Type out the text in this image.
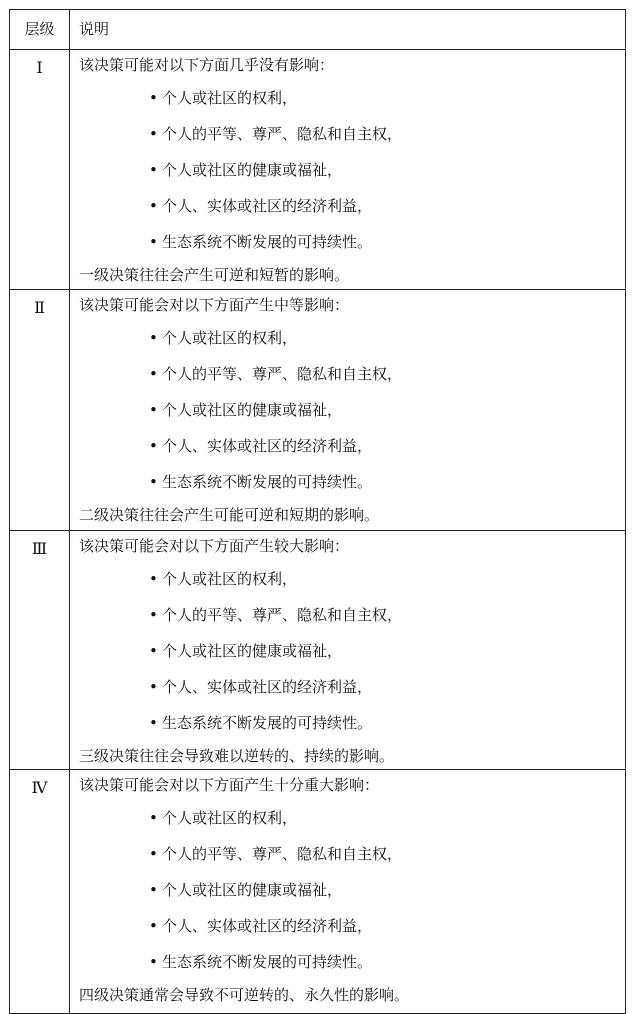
层级	说明
Ⅰ	该决策可能对以下方面几乎没有影响：
• 个人或社区的权利，
• 个人的平等、尊严、隐私和自主权，
• 个人或社区的健康或福祉，
• 个人、实体或社区的经济利益，
• 生态系统不断发展的可持续性。
一级决策往往会产生可逆和短暂的影响。
Ⅱ	该决策可能会对以下方面产生中等影响：
• 个人或社区的权利，
• 个人的平等、尊严、隐私和自主权，
• 个人或社区的健康或福祉，
• 个人、实体或社区的经济利益，
• 生态系统不断发展的可持续性。
二级决策往往会产生可能可逆和短期的影响。
Ⅲ	该决策可能会对以下方面产生较大影响：
• 个人或社区的权利，
• 个人的平等、尊严、隐私和自主权，
• 个人或社区的健康或福祉，
• 个人、实体或社区的经济利益，
• 生态系统不断发展的可持续性。
三级决策往往会导致难以逆转的、持续的影响。
Ⅳ	该决策可能会对以下方面产生十分重大影响：
• 个人或社区的权利，
• 个人的平等、尊严、隐私和自主权，
• 个人或社区的健康或福祉，
• 个人、实体或社区的经济利益，
• 生态系统不断发展的可持续性。
四级决策通常会导致不可逆转的、永久性的影响。
